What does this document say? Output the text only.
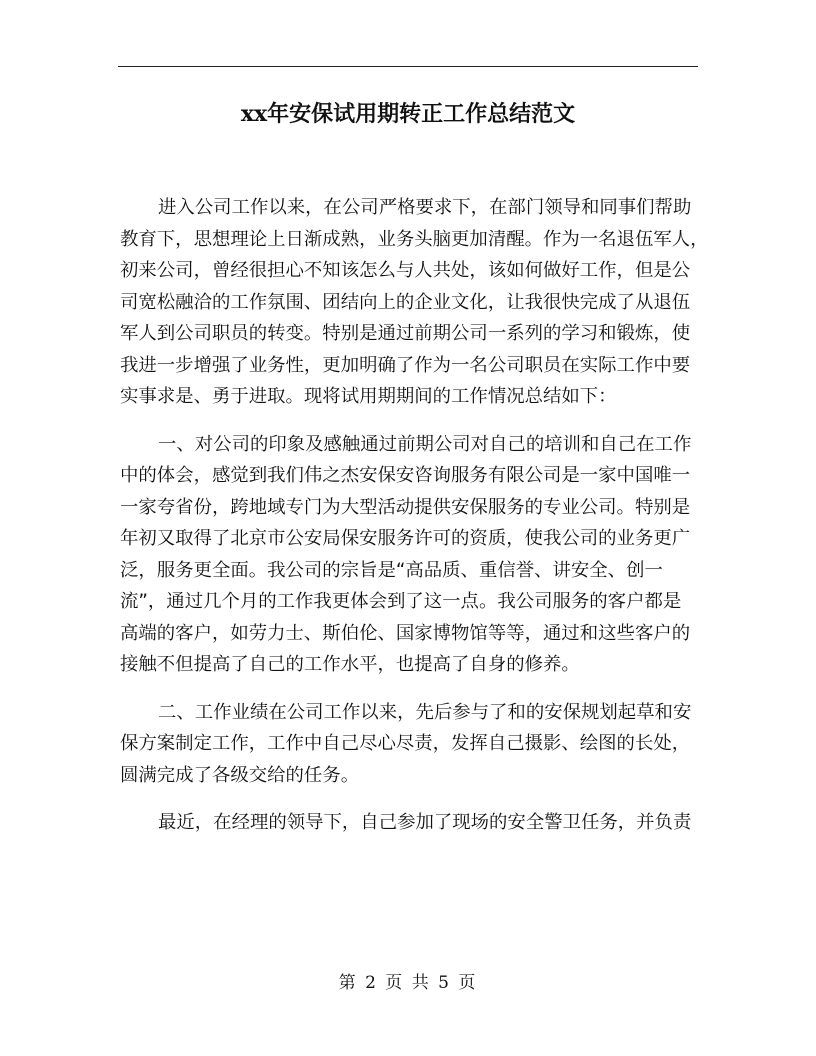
xx年安保试用期转正工作总结范文

进入公司工作以来，在公司严格要求下，在部门领导和同事们帮助
教育下，思想理论上日渐成熟，业务头脑更加清醒。作为一名退伍军人，
初来公司，曾经很担心不知该怎么与人共处，该如何做好工作，但是公
司宽松融洽的工作氛围、团结向上的企业文化，让我很快完成了从退伍
军人到公司职员的转变。特别是通过前期公司一系列的学习和锻炼，使
我进一步增强了业务性，更加明确了作为一名公司职员在实际工作中要
实事求是、勇于进取。现将试用期期间的工作情况总结如下：

一、对公司的印象及感触通过前期公司对自己的培训和自己在工作
中的体会，感觉到我们伟之杰安保安咨询服务有限公司是一家中国唯一
一家夸省份，跨地域专门为大型活动提供安保服务的专业公司。特别是
年初又取得了北京市公安局保安服务许可的资质，使我公司的业务更广
泛，服务更全面。我公司的宗旨是“高品质、重信誉、讲安全、创一
流”，通过几个月的工作我更体会到了这一点。我公司服务的客户都是
高端的客户，如劳力士、斯伯伦、国家博物馆等等，通过和这些客户的
接触不但提高了自己的工作水平，也提高了自身的修养。

二、工作业绩在公司工作以来，先后参与了和的安保规划起草和安
保方案制定工作，工作中自己尽心尽责，发挥自己摄影、绘图的长处，
圆满完成了各级交给的任务。

最近，在经理的领导下，自己参加了现场的安全警卫任务，并负责

第 2 页 共 5 页
